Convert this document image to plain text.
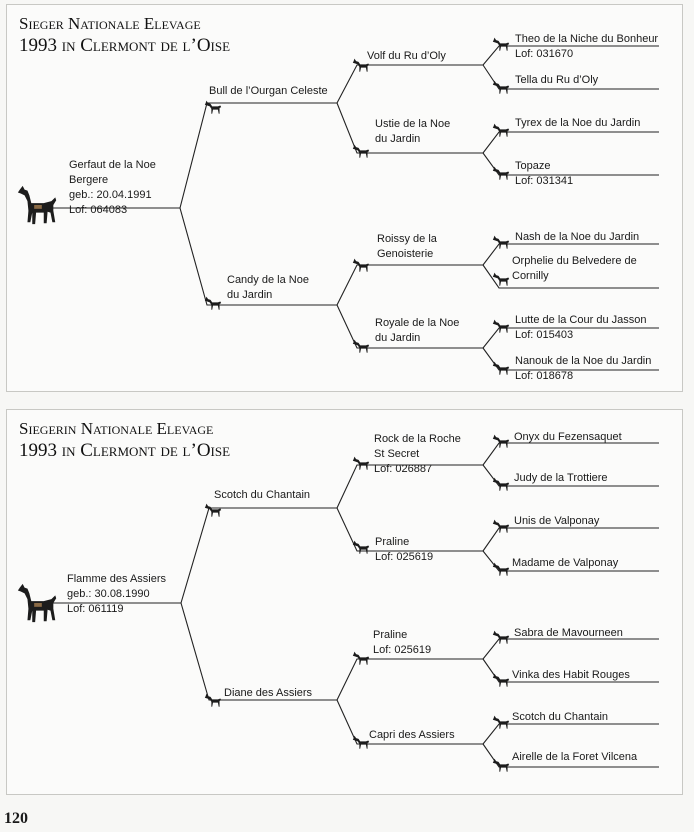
Sieger Nationale Elevage
1993 in Clermont de l’Oise
Gerfaut de la Noe
Bergere
geb.: 20.04.1991
Lof: 064083
Bull de l’Ourgan Celeste
Candy de la Noe
du Jardin
Volf du Ru d’Oly
Ustie de la Noe
du Jardin
Roissy de la
Genoisterie
Royale de la Noe
du Jardin
Theo de la Niche du Bonheur
Lof: 031670
Tella du Ru d’Oly
Tyrex de la Noe du Jardin
Topaze
Lof: 031341
Nash de la Noe du Jardin
Orphelie du Belvedere de
Cornilly
Lutte de la Cour du Jasson
Lof: 015403
Nanouk de la Noe du Jardin
Lof: 018678
Siegerin Nationale Elevage
1993 in Clermont de l’Oise
Flamme des Assiers
geb.: 30.08.1990
Lof: 061119
Scotch du Chantain
Diane des Assiers
Rock de la Roche
St Secret
Lof: 026887
Praline
Lof: 025619
Praline
Lof: 025619
Capri des Assiers
Onyx du Fezensaquet
Judy de la Trottiere
Unis de Valponay
Madame de Valponay
Sabra de Mavourneen
Vinka des Habit Rouges
Scotch du Chantain
Airelle de la Foret Vilcena
120
